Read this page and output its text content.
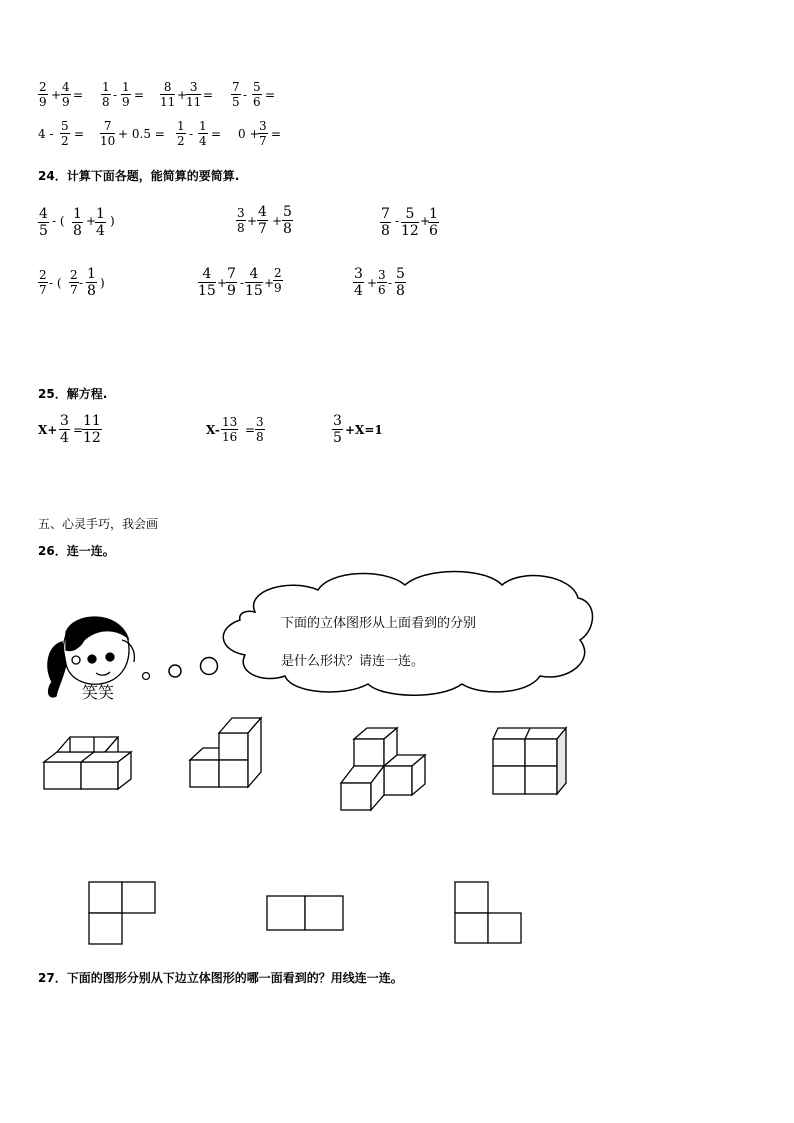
2
9 +
4
9 =
1
8 -
1
9 =
8
11 +
3
11 =
7
5 -
5
6 =
4 -
5
2 =
7
10 + 0.5 =
1
2 -
1
4 = 0 +
3
7 =
24．计算下面各题，能简算的要简算.
4
5
- ( 1
8
+ 1
4
)
3
8 +
4
7 +
5
8
7
8
- 5
12
+
1
6
2
7 - (
2
7 -
1
8 )
4
15 +
7
9 -
4
15 +
2
9
3
4 +
3
6 -
5
8
25．解方程.
X+
3
4 =
11
12	X-
13
16 =
3
8
3
5 +X=1
五、心灵手巧，我会画
26．连一连。
笑笑
下面的立体图形从上面看到的分别
是什么形状？请连一连。
27．下面的图形分别从下边立体图形的哪一面看到的？用线连一连。
